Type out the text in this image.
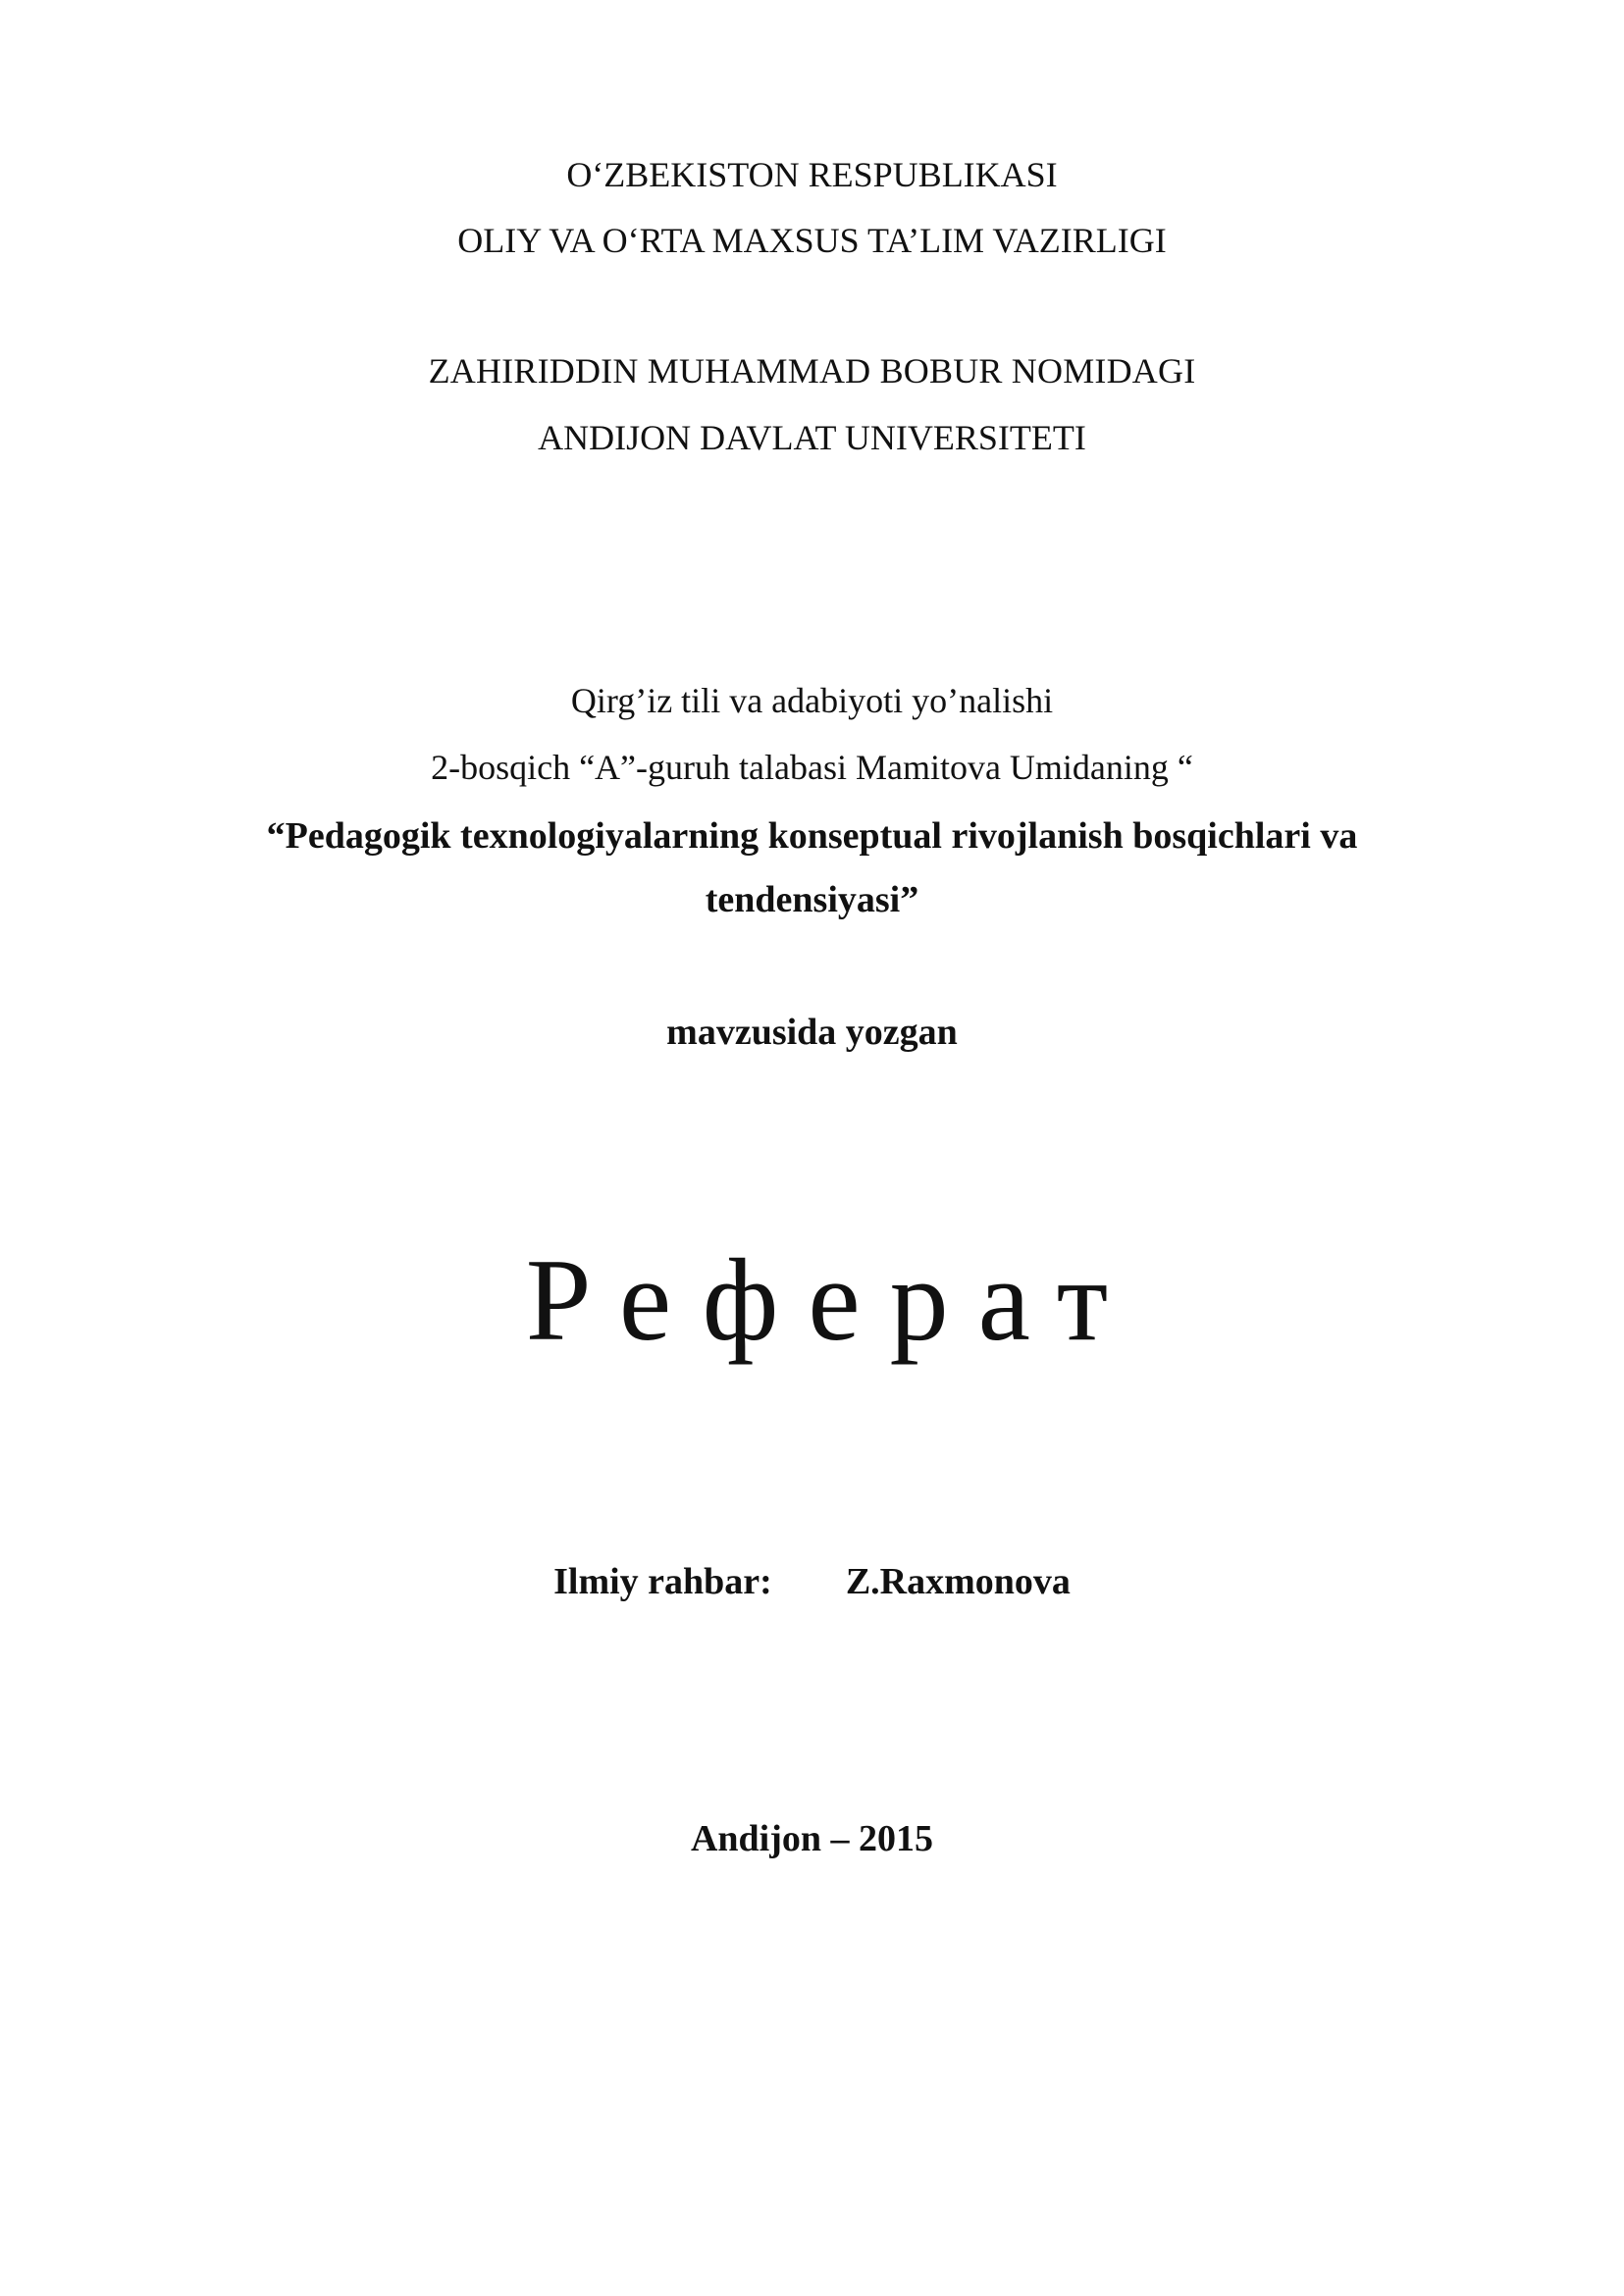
O‘ZBEKISTON RESPUBLIKASI
OLIY VA O‘RTA MAXSUS TA’LIM VAZIRLIGI
ZAHIRIDDIN MUHAMMAD BOBUR NOMIDAGI
ANDIJON DAVLAT UNIVERSITETI
Qirg’iz tili va adabiyoti yo’nalishi
2-bosqich “A”-guruh talabasi Mamitova Umidaning “
“Pedagogik texnologiyalarning konseptual rivojlanish bosqichlari va
tendensiyasi”
mavzusida yozgan
Реферат
Ilmiy rahbar: Z.Raxmonova
Andijon – 2015
